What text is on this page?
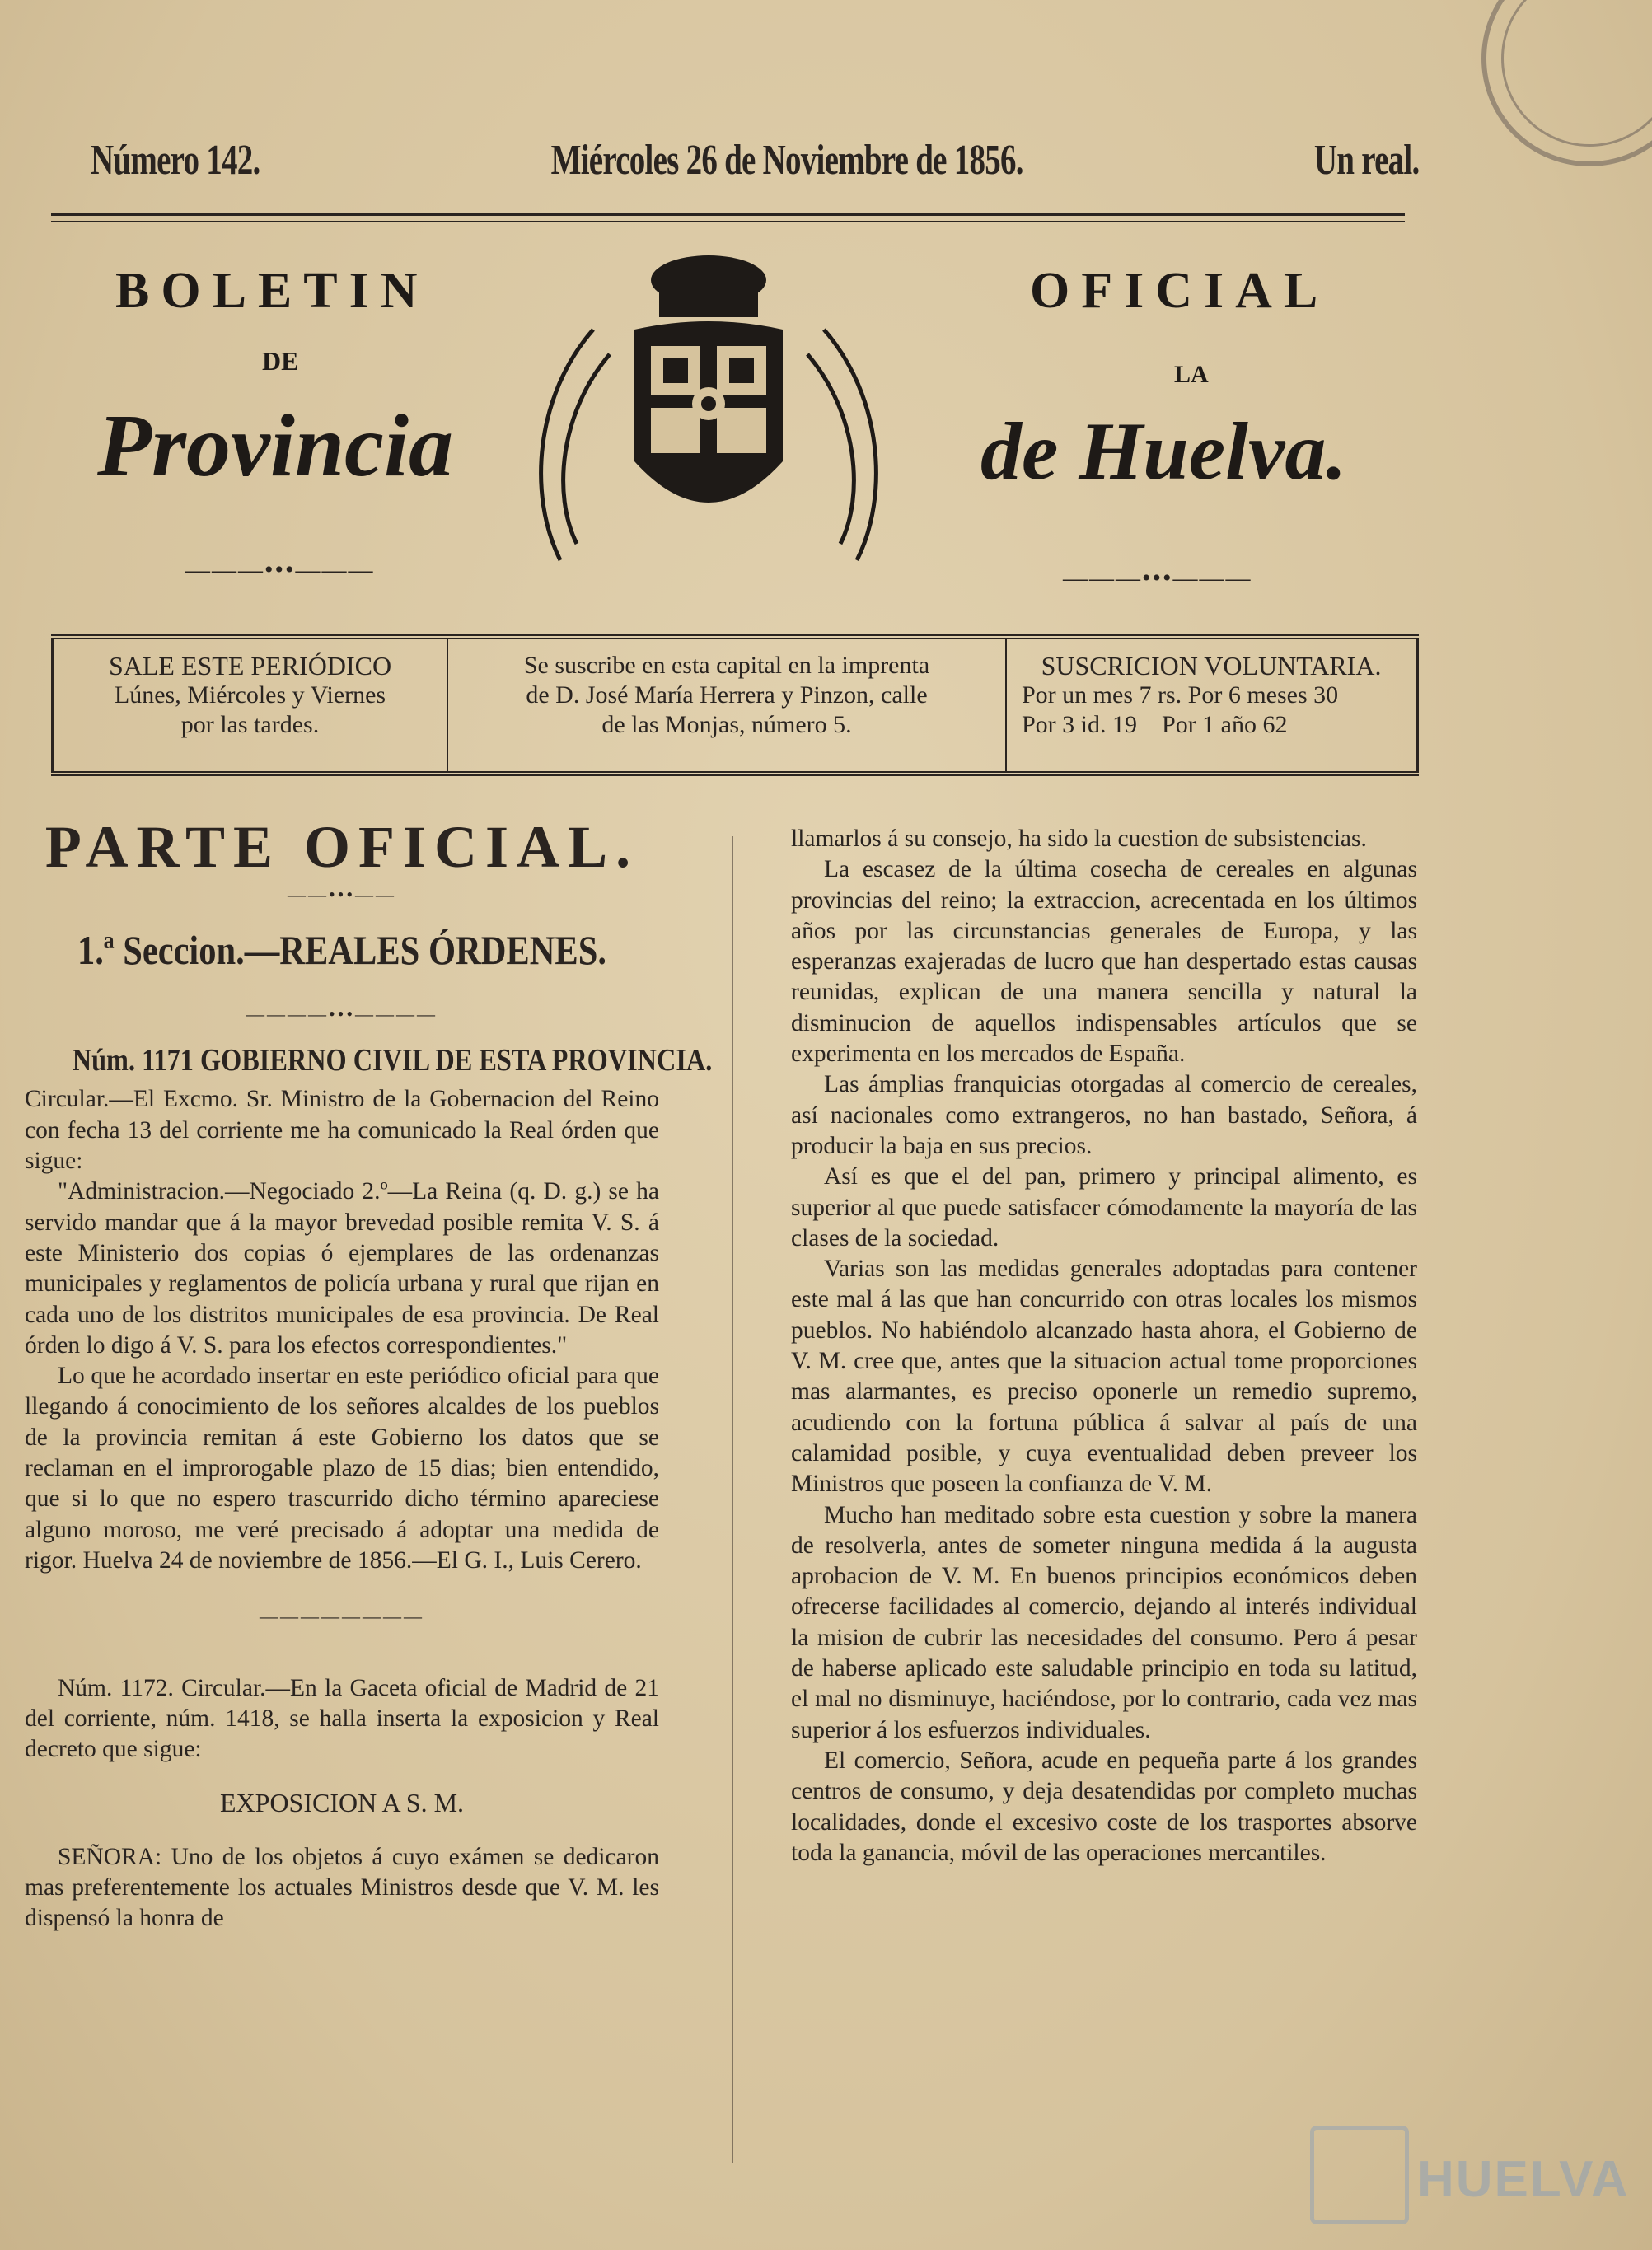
Número 142.	Miércoles 26 de Noviembre de 1856.	Un real.
BOLETIN
DE
Provincia
OFICIAL
LA
de Huelva.
———•••———	———•••———
SALE ESTE PERIÓDICO
Lúnes, Miércoles y Viernes
por las tardes.
Se suscribe en esta capital en la imprenta
de D. José María Herrera y Pinzon, calle
de las Monjas, número 5.
SUSCRICION VOLUNTARIA.
Por un mes 7 rs. Por 6 meses 30
Por 3 id. 19    Por 1 año 62
PARTE OFICIAL.
——•••——
1.ª Seccion.—REALES ÓRDENES.
————•••————
Núm. 1171 GOBIERNO CIVIL DE ESTA PROVINCIA.

Circular.—El Excmo. Sr. Ministro de la Gobernacion del Reino con fecha 13 del corriente me ha comunicado la Real órden que sigue:

"Administracion.—Negociado 2.º—La Reina (q. D. g.) se ha servido mandar que á la mayor brevedad posible remita V. S. á este Ministerio dos copias ó ejemplares de las ordenanzas municipales y reglamentos de policía urbana y rural que rijan en cada uno de los distritos municipales de esa provincia. De Real órden lo digo á V. S. para los efectos correspondientes."

Lo que he acordado insertar en este periódico oficial para que llegando á conocimiento de los señores alcaldes de los pueblos de la provincia remitan á este Gobierno los datos que se reclaman en el improrogable plazo de 15 dias; bien entendido, que si lo que no espero trascurrido dicho término apareciese alguno moroso, me veré precisado á adoptar una medida de rigor. Huelva 24 de noviembre de 1856.—El G. I., Luis Cerero.

————————

Núm. 1172. Circular.—En la Gaceta oficial de Madrid de 21 del corriente, núm. 1418, se halla inserta la exposicion y Real decreto que sigue:

EXPOSICION A S. M.

SEÑORA: Uno de los objetos á cuyo exámen se dedicaron mas preferentemente los actuales Ministros desde que V. M. les dispensó la honra de

llamarlos á su consejo, ha sido la cuestion de subsistencias.

La escasez de la última cosecha de cereales en algunas provincias del reino; la extraccion, acrecentada en los últimos años por las circunstancias generales de Europa, y las esperanzas exajeradas de lucro que han despertado estas causas reunidas, explican de una manera sencilla y natural la disminucion de aquellos indispensables artículos que se experimenta en los mercados de España.

Las ámplias franquicias otorgadas al comercio de cereales, así nacionales como extrangeros, no han bastado, Señora, á producir la baja en sus precios.

Así es que el del pan, primero y principal alimento, es superior al que puede satisfacer cómodamente la mayoría de las clases de la sociedad.

Varias son las medidas generales adoptadas para contener este mal á las que han concurrido con otras locales los mismos pueblos. No habiéndolo alcanzado hasta ahora, el Gobierno de V. M. cree que, antes que la situacion actual tome proporciones mas alarmantes, es preciso oponerle un remedio supremo, acudiendo con la fortuna pública á salvar al país de una calamidad posible, y cuya eventualidad deben preveer los Ministros que poseen la confianza de V. M.

Mucho han meditado sobre esta cuestion y sobre la manera de resolverla, antes de someter ninguna medida á la augusta aprobacion de V. M. En buenos principios económicos deben ofrecerse facilidades al comercio, dejando al interés individual la mision de cubrir las necesidades del consumo. Pero á pesar de haberse aplicado este saludable principio en toda su latitud, el mal no disminuye, haciéndose, por lo contrario, cada vez mas superior á los esfuerzos individuales.

El comercio, Señora, acude en pequeña parte á los grandes centros de consumo, y deja desatendidas por completo muchas localidades, donde el excesivo coste de los trasportes absorve toda la ganancia, móvil de las operaciones mercantiles.

HUELVA
